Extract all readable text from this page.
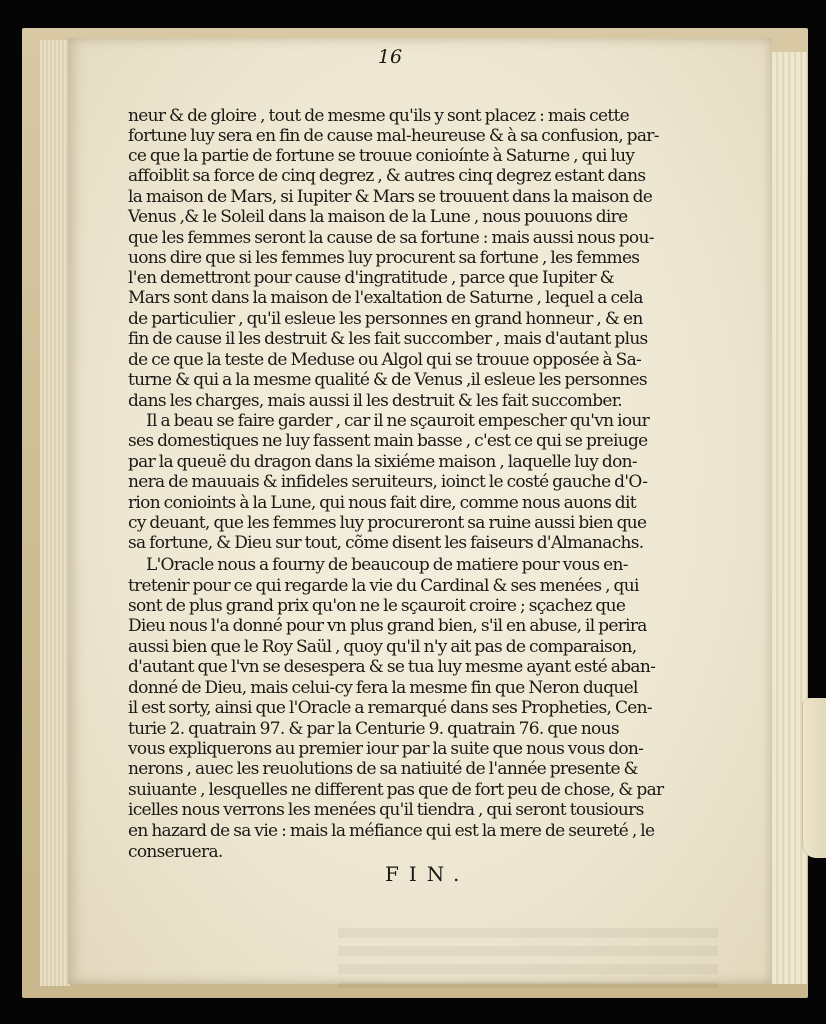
16

neur & de gloire , tout de mesme qu'ils y sont placez : mais cette
fortune luy sera en fin de cause mal-heureuse & à sa confusion, par-
ce que la partie de fortune se trouue conioínte à Saturne , qui luy
affoiblit sa force de cinq degrez , & autres cinq degrez estant dans
la maison de Mars, si Iupiter & Mars se trouuent dans la maison de
Venus ,& le Soleil dans la maison de la Lune , nous pouuons dire
que les femmes seront la cause de sa fortune : mais aussi nous pou-
uons dire que si les femmes luy procurent sa fortune , les femmes
l'en demettront pour cause d'ingratitude , parce que Iupiter &
Mars sont dans la maison de l'exaltation de Saturne , lequel a cela
de particulier , qu'il esleue les personnes en grand honneur , & en
fin de cause il les destruit & les fait succomber , mais d'autant plus
de ce que la teste de Meduse ou Algol qui se trouue opposée à Sa-
turne & qui a la mesme qualité & de Venus ,il esleue les personnes
dans les charges, mais aussi il les destruit & les fait succomber.
Il a beau se faire garder , car il ne sçauroit empescher qu'vn iour
ses domestiques ne luy fassent main basse , c'est ce qui se preiuge
par la queuë du dragon dans la sixiéme maison , laquelle luy don-
nera de mauuais & infideles seruiteurs, ioinct le costé gauche d'O-
rion conioints à la Lune, qui nous fait dire, comme nous auons dit
cy deuant, que les femmes luy procureront sa ruine aussi bien que
sa fortune, & Dieu sur tout, cõme disent les faiseurs d'Almanachs.
L'Oracle nous a fourny de beaucoup de matiere pour vous en-
tretenir pour ce qui regarde la vie du Cardinal & ses menées , qui
sont de plus grand prix qu'on ne le sçauroit croire ; sçachez que
Dieu nous l'a donné pour vn plus grand bien, s'il en abuse, il perira
aussi bien que le Roy Saül , quoy qu'il n'y ait pas de comparaison,
d'autant que l'vn se desespera & se tua luy mesme ayant esté aban-
donné de Dieu, mais celui-cy fera la mesme fin que Neron duquel
il est sorty, ainsi que l'Oracle a remarqué dans ses Propheties, Cen-
turie 2. quatrain 97. & par la Centurie 9. quatrain 76. que nous
vous expliquerons au premier iour par la suite que nous vous don-
nerons , auec les reuolutions de sa natiuité de l'année presente &
suiuante , lesquelles ne different pas que de fort peu de chose, & par
icelles nous verrons les menées qu'il tiendra , qui seront tousiours
en hazard de sa vie : mais la méfiance qui est la mere de seureté , le
conseruera.

FIN.
